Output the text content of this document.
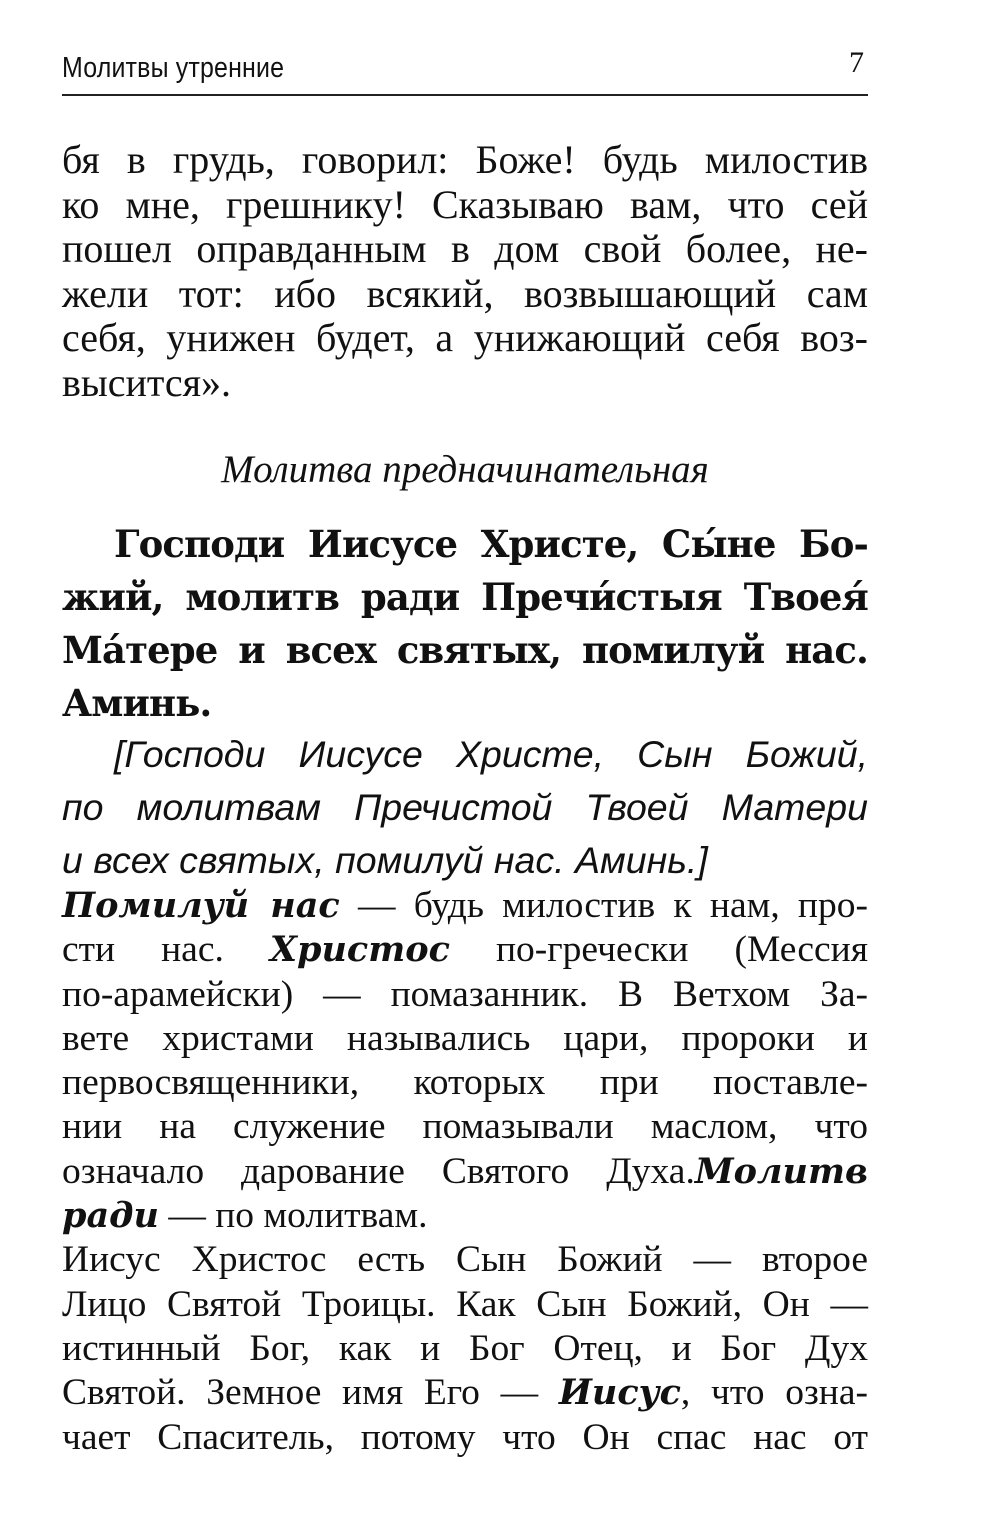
Молитвы утренние	7
бя в грудь, говорил: Боже! будь милостив
ко мне, грешнику! Сказываю вам, что сей
пошел оправданным в дом свой более, не-
жели тот: ибо всякий, возвышающий сам
себя, унижен будет, а унижающий себя воз-
высится».
Молитва предначинательная
Господи Иисусе Христе, Сы́не Бо-
жий, молитв ради Пречи́стыя Твоея́
Ма́тере и всех святых, помилуй нас.
Аминь.
[Господи Иисусе Христе, Сын Божий,
по молитвам Пречистой Твоей Матери
и всех святых, помилуй нас. Аминь.]
Помилуй нас — будь милостив к нам, про-
сти нас. Христос по-гречески (Мессия
по-арамейски) — помазанник. В Ветхом За-
вете христами назывались цари, пророки и
первосвященники, которых при поставле-
нии на служение помазывали маслом, что
означало дарование Святого Духа.Молитв
ради — по молитвам.
Иисус Христос есть Сын Божий — второе
Лицо Святой Троицы. Как Сын Божий, Он —
истинный Бог, как и Бог Отец, и Бог Дух
Святой. Земное имя Его — Иисус, что озна-
чает Спаситель, потому что Он спас нас от
